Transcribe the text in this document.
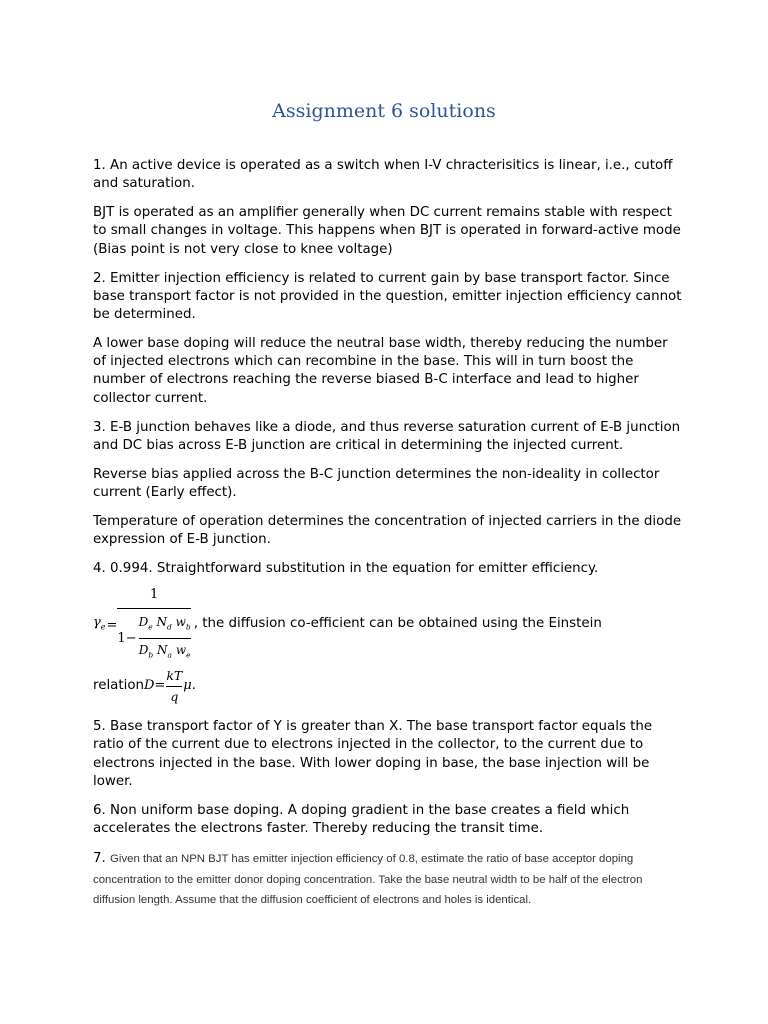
Assignment 6 solutions

1. An active device is operated as a switch when I-V chracterisitics is linear, i.e., cutoff and saturation.

BJT is operated as an amplifier generally when DC current remains stable with respect to small changes in voltage. This happens when BJT is operated in forward-active mode (Bias point is not very close to knee voltage)

2. Emitter injection efficiency is related to current gain by base transport factor. Since base transport factor is not provided in the question, emitter injection efficiency cannot be determined.

A lower base doping will reduce the neutral base width, thereby reducing the number of injected electrons which can recombine in the base. This will in turn boost the number of electrons reaching the reverse biased B-C interface and lead to higher collector current.

3. E-B junction behaves like a diode, and thus reverse saturation current of E-B junction and DC bias across E-B junction are critical in determining the injected current.

Reverse bias applied across the B-C junction determines the non-ideality in collector current (Early effect).

Temperature of operation determines the concentration of injected carriers in the diode expression of E-B junction.

4. 0.994. Straightforward substitution in the equation for emitter efficiency.

$\gamma_e = \frac{1}{1- \frac{D_e N_d w_b}{D_b N_a w_e}}$ , the diffusion co-efficient can be obtained using the Einstein
relation $D= \frac{kT}{q} \mu$.

5. Base transport factor of Y is greater than X. The base transport factor equals the ratio of the current due to electrons injected in the collector, to the current due to electrons injected in the base. With lower doping in base, the base injection will be lower.

6. Non uniform base doping. A doping gradient in the base creates a field which accelerates the electrons faster. Thereby reducing the transit time.

7. Given that an NPN BJT has emitter injection efficiency of 0.8, estimate the ratio of base acceptor doping concentration to the emitter donor doping concentration. Take the base neutral width to be half of the electron diffusion length. Assume that the diffusion coefficient of electrons and holes is identical.
